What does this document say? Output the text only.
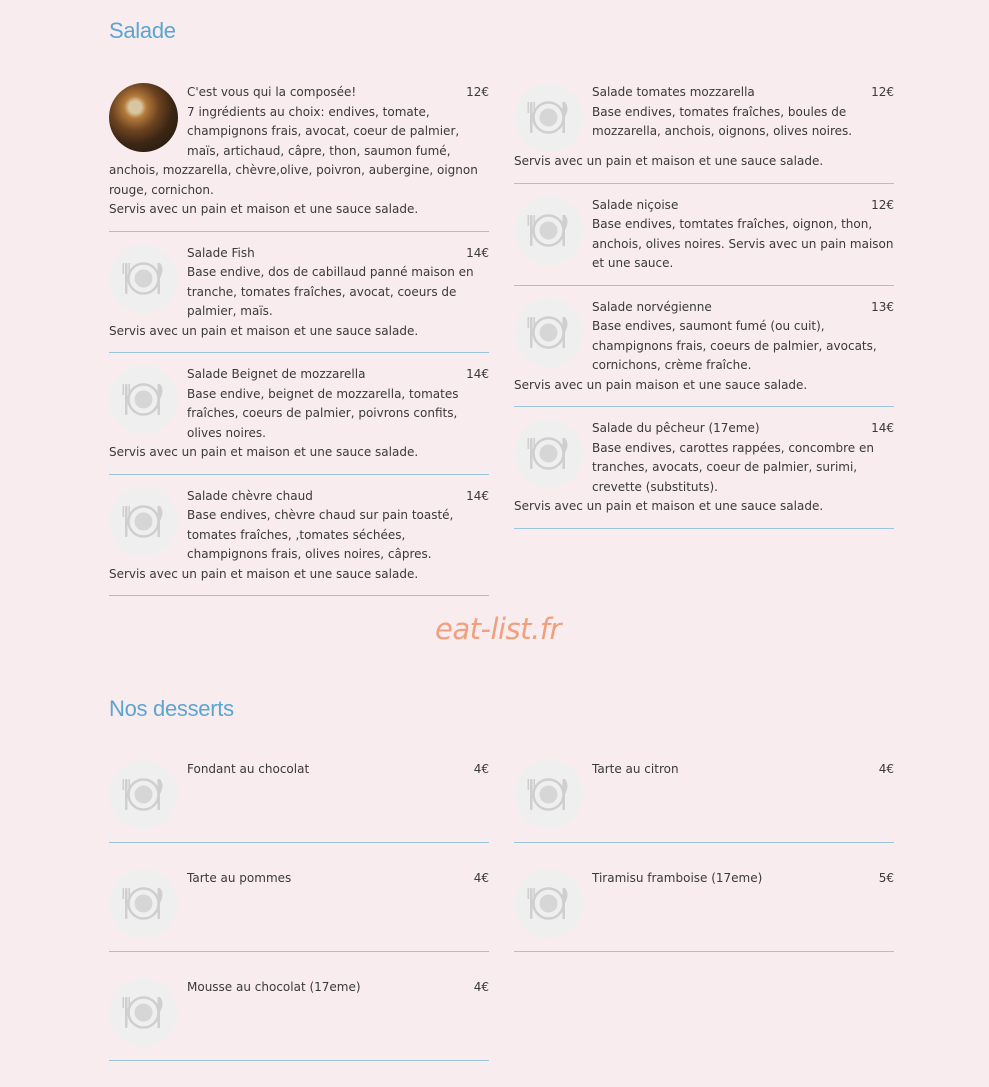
Salade
12€
C'est vous qui la composée!
7 ingrédients au choix: endives, tomate, champignons frais, avocat, coeur de palmier, maïs, artichaud, câpre, thon, saumon fumé, anchois, mozzarella, chèvre,olive, poivron, aubergine, oignon rouge, cornichon.
Servis avec un pain et maison et une sauce salade.
14€
Salade Fish
Base endive, dos de cabillaud panné maison en tranche, tomates fraîches, avocat, coeurs de palmier, maïs.
Servis avec un pain et maison et une sauce salade.
14€
Salade Beignet de mozzarella
Base endive, beignet de mozzarella, tomates fraîches, coeurs de palmier, poivrons confits, olives noires.
Servis avec un pain et maison et une sauce salade.
14€
Salade chèvre chaud
Base endives, chèvre chaud sur pain toasté, tomates fraîches, ,tomates séchées, champignons frais, olives noires, câpres.
Servis avec un pain et maison et une sauce salade.
12€
Salade tomates mozzarella
Base endives, tomates fraîches, boules de mozzarella, anchois, oignons, olives noires.
Servis avec un pain et maison et une sauce salade.
12€
Salade niçoise
Base endives, tomtates fraîches, oignon, thon, anchois, olives noires. Servis avec un pain maison et une sauce.
13€
Salade norvégienne
Base endives, saumont fumé (ou cuit), champignons frais, coeurs de palmier, avocats, cornichons, crème fraîche.
Servis avec un pain maison et une sauce salade.
14€
Salade du pêcheur (17eme)
Base endives, carottes rappées, concombre en tranches, avocats, coeur de palmier, surimi, crevette (substituts).
Servis avec un pain et maison et une sauce salade.
eat-list.fr
Nos desserts
4€
Fondant au chocolat
4€
Tarte au pommes
4€
Mousse au chocolat (17eme)
4€
Tarte au citron
5€
Tiramisu framboise (17eme)
